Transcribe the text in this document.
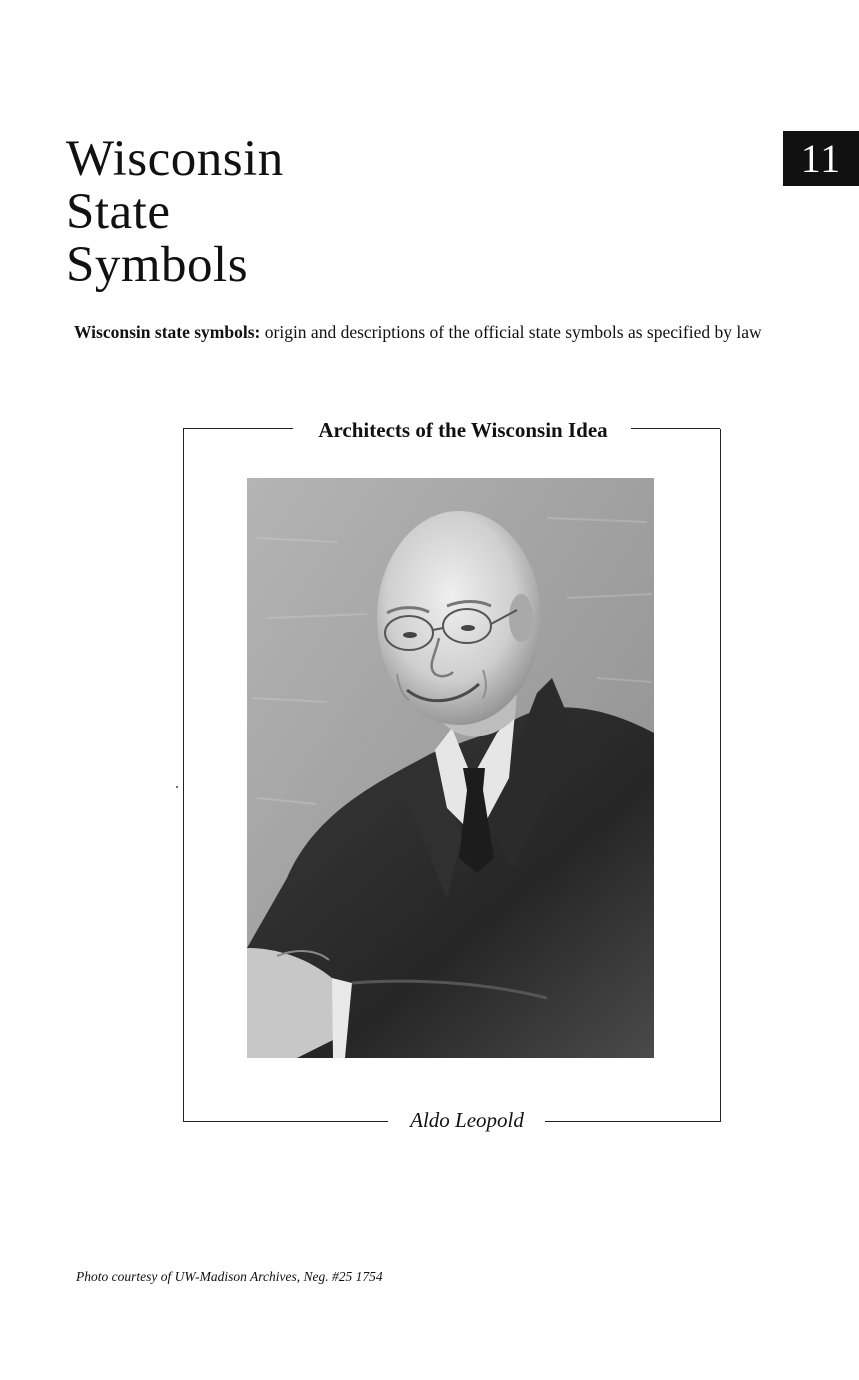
Wisconsin
State
Symbols
11

Wisconsin state symbols: origin and descriptions of the official state symbols as specified by law

Architects of the Wisconsin Idea
Aldo Leopold
Photo courtesy of UW-Madison Archives, Neg. #25 1754
